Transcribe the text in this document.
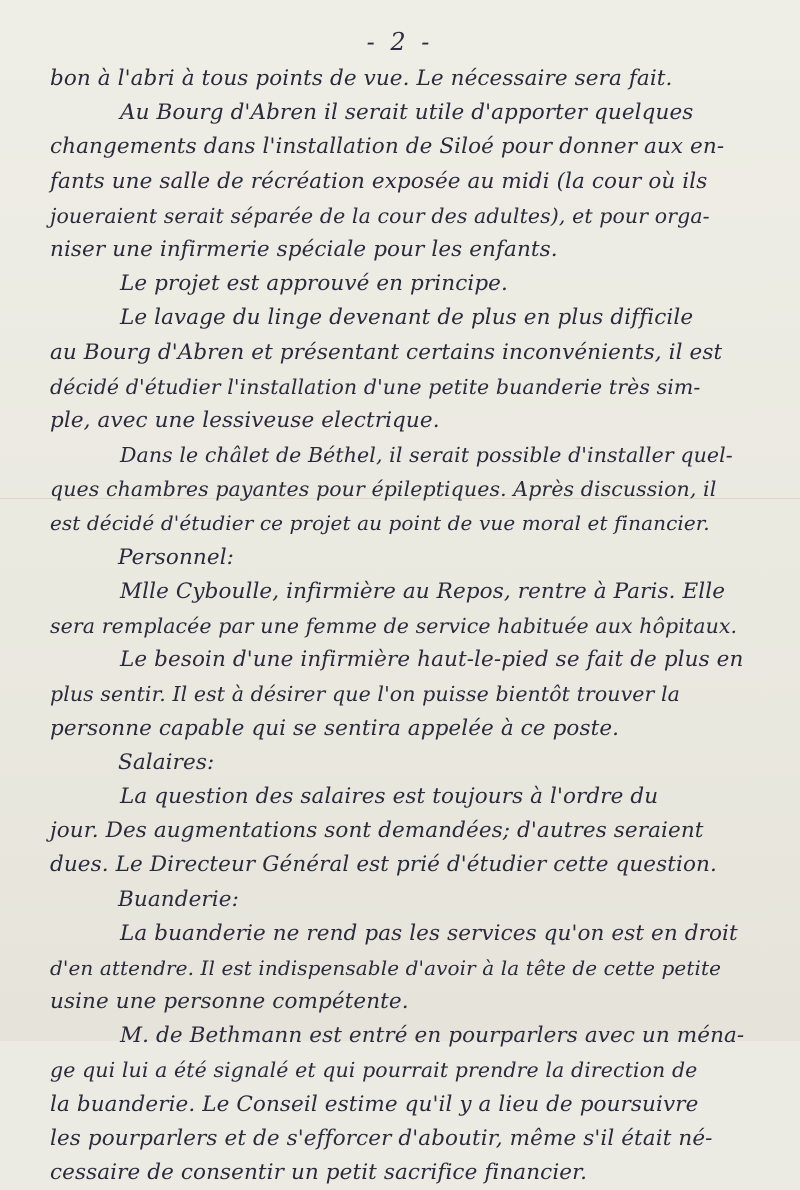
- 2 -
bon à l'abri à tous points de vue. Le nécessaire sera fait.
Au Bourg d'Abren il serait utile d'apporter quelques
changements dans l'installation de Siloé pour donner aux en-
fants une salle de récréation exposée au midi (la cour où ils
joueraient serait séparée de la cour des adultes), et pour orga-
niser une infirmerie spéciale pour les enfants.
Le projet est approuvé en principe.
Le lavage du linge devenant de plus en plus difficile
au Bourg d'Abren et présentant certains inconvénients, il est
décidé d'étudier l'installation d'une petite buanderie très sim-
ple, avec une lessiveuse electrique.
Dans le châlet de Béthel, il serait possible d'installer quel-
ques chambres payantes pour épileptiques. Après discussion, il
est décidé d'étudier ce projet au point de vue moral et financier.
Personnel:
Mlle Cyboulle, infirmière au Repos, rentre à Paris. Elle
sera remplacée par une femme de service habituée aux hôpitaux.
Le besoin d'une infirmière haut-le-pied se fait de plus en
plus sentir. Il est à désirer que l'on puisse bientôt trouver la
personne capable qui se sentira appelée à ce poste.
Salaires:
La question des salaires est toujours à l'ordre du
jour. Des augmentations sont demandées; d'autres seraient
dues. Le Directeur Général est prié d'étudier cette question.
Buanderie:
La buanderie ne rend pas les services qu'on est en droit
d'en attendre. Il est indispensable d'avoir à la tête de cette petite
usine une personne compétente.
M. de Bethmann est entré en pourparlers avec un ména-
ge qui lui a été signalé et qui pourrait prendre la direction de
la buanderie. Le Conseil estime qu'il y a lieu de poursuivre
les pourparlers et de s'efforcer d'aboutir, même s'il était né-
cessaire de consentir un petit sacrifice financier.
